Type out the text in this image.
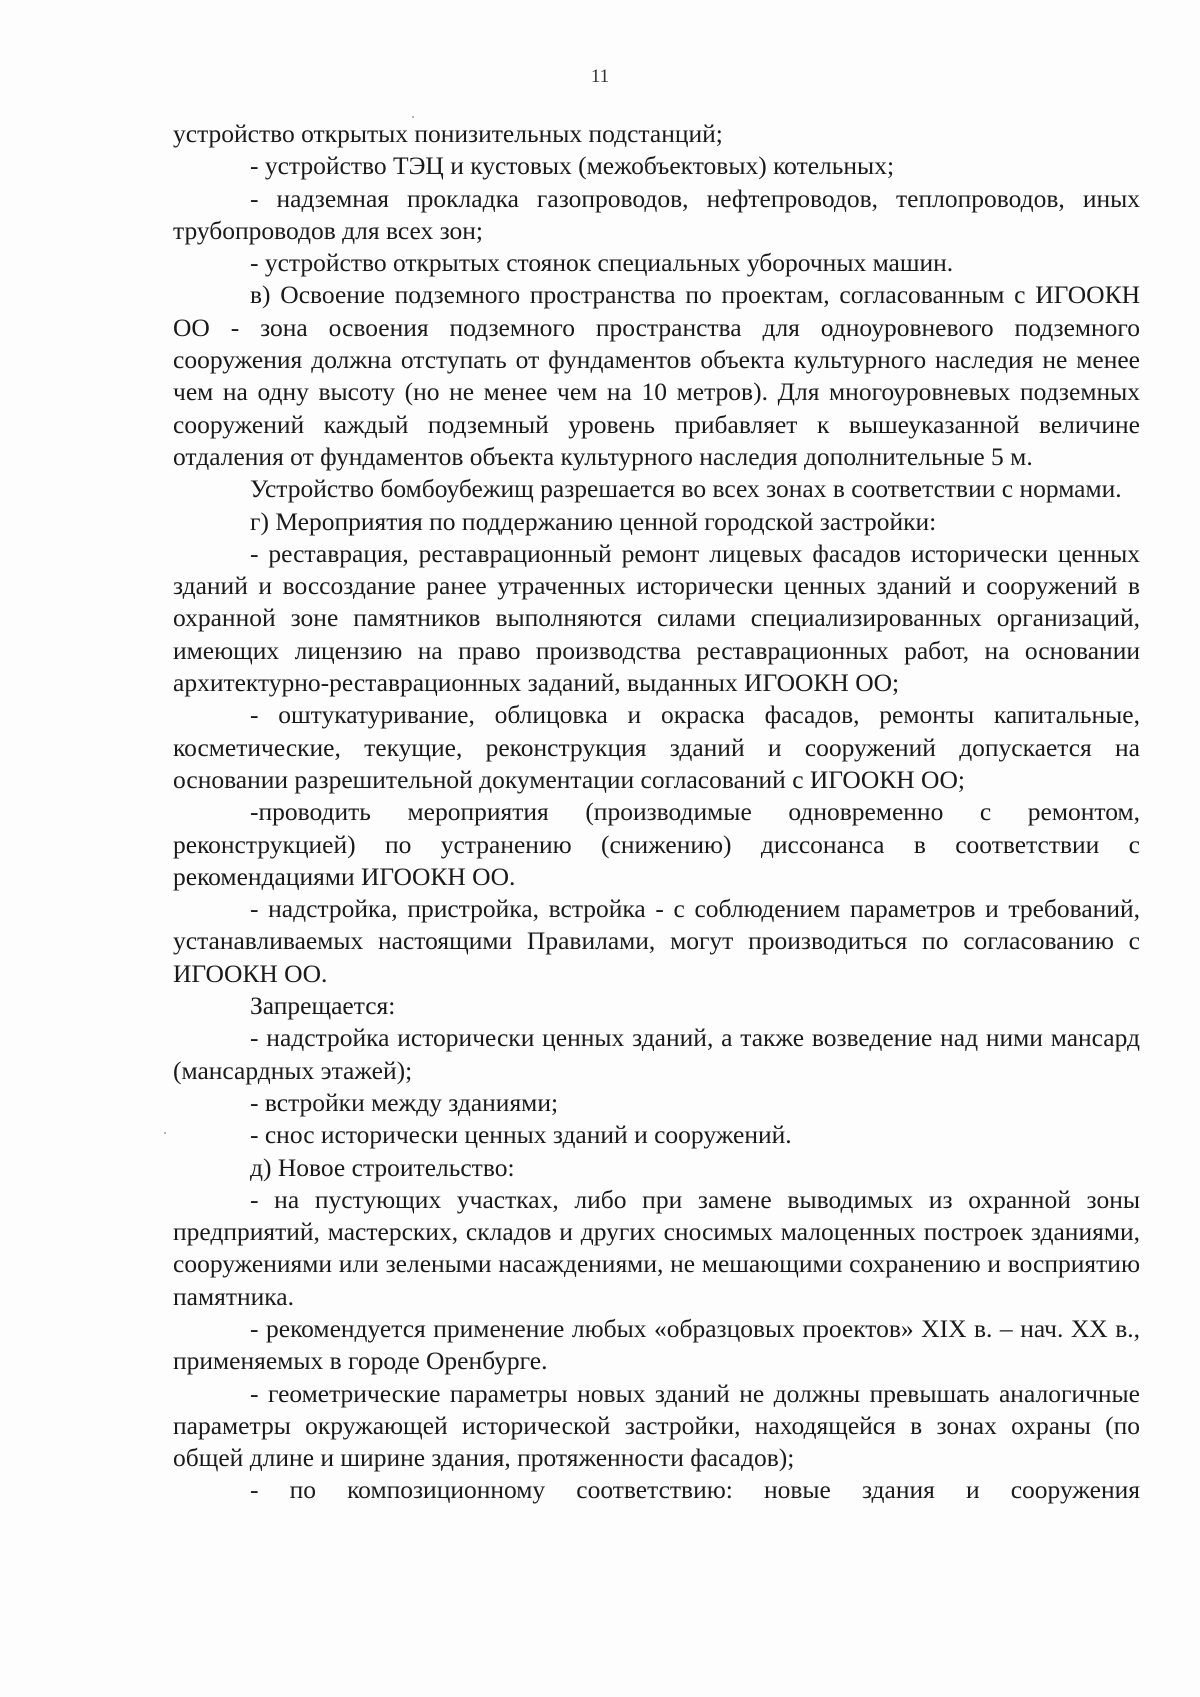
11

устройство открытых понизительных подстанций;

- устройство ТЭЦ и кустовых (межобъектовых) котельных;

- надземная прокладка газопроводов, нефтепроводов, теплопроводов, иных трубопроводов для всех зон;

- устройство открытых стоянок специальных уборочных машин.

в) Освоение подземного пространства по проектам, согласованным с ИГООКН ОО - зона освоения подземного пространства для одноуровневого подземного сооружения должна отступать от фундаментов объекта культурного наследия не менее чем на одну высоту (но не менее чем на 10 метров). Для многоуровневых подземных сооружений каждый подземный уровень прибавляет к вышеуказанной величине отдаления от фундаментов объекта культурного наследия дополнительные 5 м.

Устройство бомбоубежищ разрешается во всех зонах в соответствии с нормами.

г) Мероприятия по поддержанию ценной городской застройки:

- реставрация, реставрационный ремонт лицевых фасадов исторически ценных зданий и воссоздание ранее утраченных исторически ценных зданий и сооружений в охранной зоне памятников выполняются силами специализированных организаций, имеющих лицензию на право производства реставрационных работ, на основании архитектурно-реставрационных заданий, выданных ИГООКН ОО;

- оштукатуривание, облицовка и окраска фасадов, ремонты капитальные, косметические, текущие, реконструкция зданий и сооружений допускается на основании разрешительной документации согласований с ИГООКН ОО;

-проводить мероприятия (производимые одновременно с ремонтом, реконструкцией) по устранению (снижению) диссонанса в соответствии с рекомендациями ИГООКН ОО.

- надстройка, пристройка, встройка - с соблюдением параметров и требований, устанавливаемых настоящими Правилами, могут производиться по согласованию с ИГООКН ОО.

Запрещается:

- надстройка исторически ценных зданий, а также возведение над ними мансард (мансардных этажей);

- встройки между зданиями;

- снос исторически ценных зданий и сооружений.

д) Новое строительство:

- на пустующих участках, либо при замене выводимых из охранной зоны предприятий, мастерских, складов и других сносимых малоценных построек зданиями, сооружениями или зелеными насаждениями, не мешающими сохранению и восприятию памятника.

- рекомендуется применение любых «образцовых проектов» XIX в. – нач. XX в., применяемых в городе Оренбурге.

- геометрические параметры новых зданий не должны превышать аналогичные параметры окружающей исторической застройки, находящейся в зонах охраны (по общей длине и ширине здания, протяженности фасадов);

- по композиционному соответствию: новые здания и сооружения
